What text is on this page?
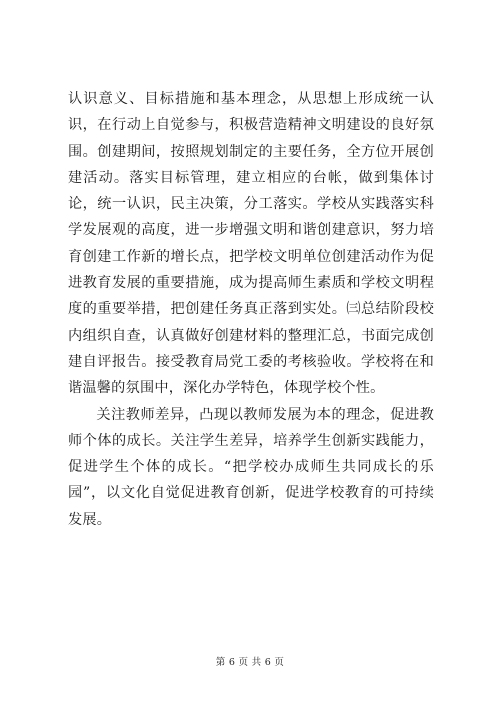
认识意义、目标措施和基本理念，从思想上形成统一认识，在行动上自觉参与，积极营造精神文明建设的良好氛围。创建期间，按照规划制定的主要任务，全方位开展创建活动。落实目标管理，建立相应的台帐，做到集体讨论，统一认识，民主决策，分工落实。学校从实践落实科学发展观的高度，进一步增强文明和谐创建意识，努力培育创建工作新的增长点，把学校文明单位创建活动作为促进教育发展的重要措施，成为提高师生素质和学校文明程度的重要举措，把创建任务真正落到实处。㈢总结阶段校内组织自查，认真做好创建材料的整理汇总，书面完成创建自评报告。接受教育局党工委的考核验收。学校将在和谐温馨的氛围中，深化办学特色，体现学校个性。

关注教师差异，凸现以教师发展为本的理念，促进教师个体的成长。关注学生差异，培养学生创新实践能力，促进学生个体的成长。“把学校办成师生共同成长的乐园”，以文化自觉促进教育创新，促进学校教育的可持续发展。

第 6 页 共 6 页
